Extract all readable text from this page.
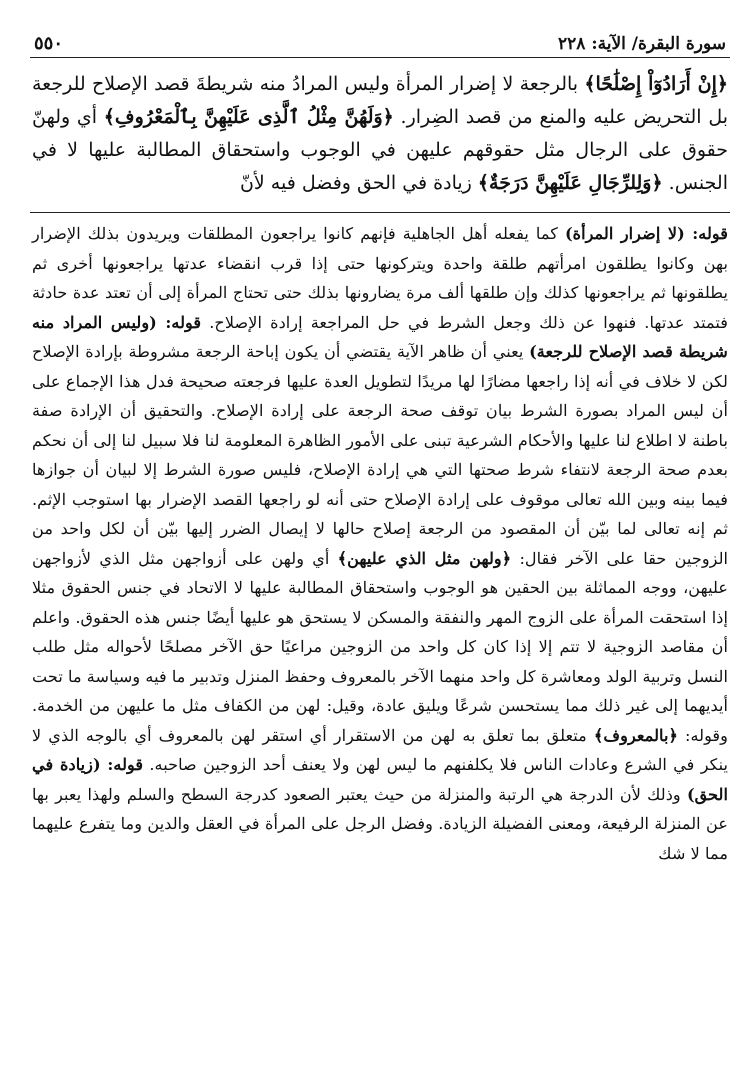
سورة البقرة/ الآية: ٢٢٨
٥٥٠
﴿إِنْ أَرَادُوٓاْ إِصْلَٰحًا﴾ بالرجعة لا إضرار المرأة وليس المرادُ منه شريطةَ قصد الإصلاح للرجعة بل التحريض عليه والمنع من قصد الضِرار. ﴿وَلَهُنَّ مِثْلُ ٱلَّذِى عَلَيْهِنَّ بِٱلْمَعْرُوفِ﴾ أي ولهنّ حقوق على الرجال مثل حقوقهم عليهن في الوجوب واستحقاق المطالبة عليها لا في الجنس. ﴿وَلِلرِّجَالِ عَلَيْهِنَّ دَرَجَةٌ﴾ زيادة في الحق وفضل فيه لأنّ

قوله: (لا إضرار المرأة) كما يفعله أهل الجاهلية فإنهم كانوا يراجعون المطلقات ويريدون بذلك الإضرار بهن وكانوا يطلقون امرأتهم طلقة واحدة ويتركونها حتى إذا قرب انقضاء عدتها يراجعونها أخرى ثم يطلقونها ثم يراجعونها كذلك وإن طلقها ألف مرة يضارونها بذلك حتى تحتاج المرأة إلى أن تعتد عدة حادثة فتمتد عدتها. فنهوا عن ذلك وجعل الشرط في حل المراجعة إرادة الإصلاح. قوله: (وليس المراد منه شريطة قصد الإصلاح للرجعة) يعني أن ظاهر الآية يقتضي أن يكون إباحة الرجعة مشروطة بإرادة الإصلاح لكن لا خلاف في أنه إذا راجعها مضارًا لها مريدًا لتطويل العدة عليها فرجعته صحيحة فدل هذا الإجماع على أن ليس المراد بصورة الشرط بيان توقف صحة الرجعة على إرادة الإصلاح. والتحقيق أن الإرادة صفة باطنة لا اطلاع لنا عليها والأحكام الشرعية تبنى على الأمور الظاهرة المعلومة لنا فلا سبيل لنا إلى أن نحكم بعدم صحة الرجعة لانتفاء شرط صحتها التي هي إرادة الإصلاح، فليس صورة الشرط إلا لبيان أن جوازها فيما بينه وبين الله تعالى موقوف على إرادة الإصلاح حتى أنه لو راجعها القصد الإضرار بها استوجب الإثم. ثم إنه تعالى لما بيّن أن المقصود من الرجعة إصلاح حالها لا إيصال الضرر إليها بيّن أن لكل واحد من الزوجين حقا على الآخر فقال: ﴿ولهن مثل الذي عليهن﴾ أي ولهن على أزواجهن مثل الذي لأزواجهن عليهن، ووجه المماثلة بين الحقين هو الوجوب واستحقاق المطالبة عليها لا الاتحاد في جنس الحقوق مثلا إذا استحقت المرأة على الزوج المهر والنفقة والمسكن لا يستحق هو عليها أيضًا جنس هذه الحقوق. واعلم أن مقاصد الزوجية لا تتم إلا إذا كان كل واحد من الزوجين مراعيًا حق الآخر مصلحًا لأحواله مثل طلب النسل وتربية الولد ومعاشرة كل واحد منهما الآخر بالمعروف وحفظ المنزل وتدبير ما فيه وسياسة ما تحت أيديهما إلى غير ذلك مما يستحسن شرعًا ويليق عادة، وقيل: لهن من الكفاف مثل ما عليهن من الخدمة. وقوله: ﴿بالمعروف﴾ متعلق بما تعلق به لهن من الاستقرار أي استقر لهن بالمعروف أي بالوجه الذي لا ينكر في الشرع وعادات الناس فلا يكلفنهم ما ليس لهن ولا يعنف أحد الزوجين صاحبه. قوله: (زيادة في الحق) وذلك لأن الدرجة هي الرتبة والمنزلة من حيث يعتبر الصعود كدرجة السطح والسلم ولهذا يعبر بها عن المنزلة الرفيعة، ومعنى الفضيلة الزيادة. وفضل الرجل على المرأة في العقل والدين وما يتفرع عليهما مما لا شك
